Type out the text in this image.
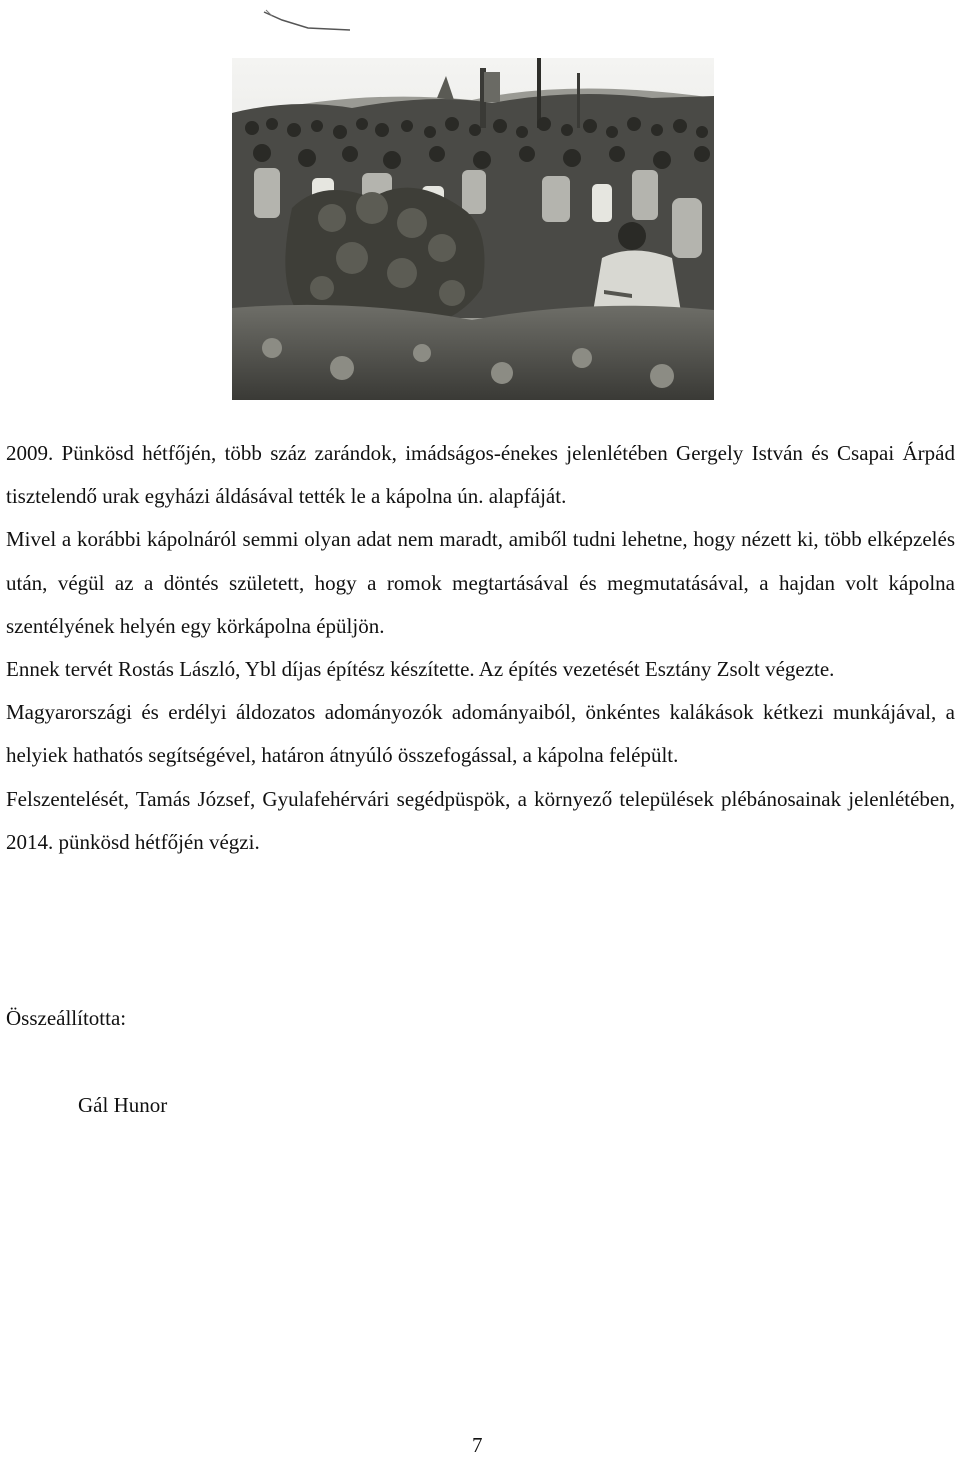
2009. Pünkösd hétfőjén, több száz zarándok, imádságos-énekes jelenlétében Gergely István és Csapai Árpád tisztelendő urak egyházi áldásával tették le a kápolna ún. alapfáját.

Mivel a korábbi kápolnáról semmi olyan adat nem maradt, amiből tudni lehetne, hogy nézett ki, több elképzelés után, végül az a döntés született, hogy a romok megtartásával és megmutatásával, a hajdan volt kápolna szentélyének helyén egy körkápolna épüljön.

Ennek tervét Rostás László, Ybl díjas építész készítette. Az építés vezetését Esztány Zsolt végezte.

Magyarországi és erdélyi áldozatos adományozók adományaiból, önkéntes kalákások kétkezi munkájával, a helyiek hathatós segítségével, határon átnyúló összefogással, a kápolna felépült.

Felszentelését, Tamás József, Gyulafehérvári segédpüspök, a környező települések plébánosainak jelenlétében, 2014. pünkösd hétfőjén végzi.

Összeállította:
Gál Hunor
7
